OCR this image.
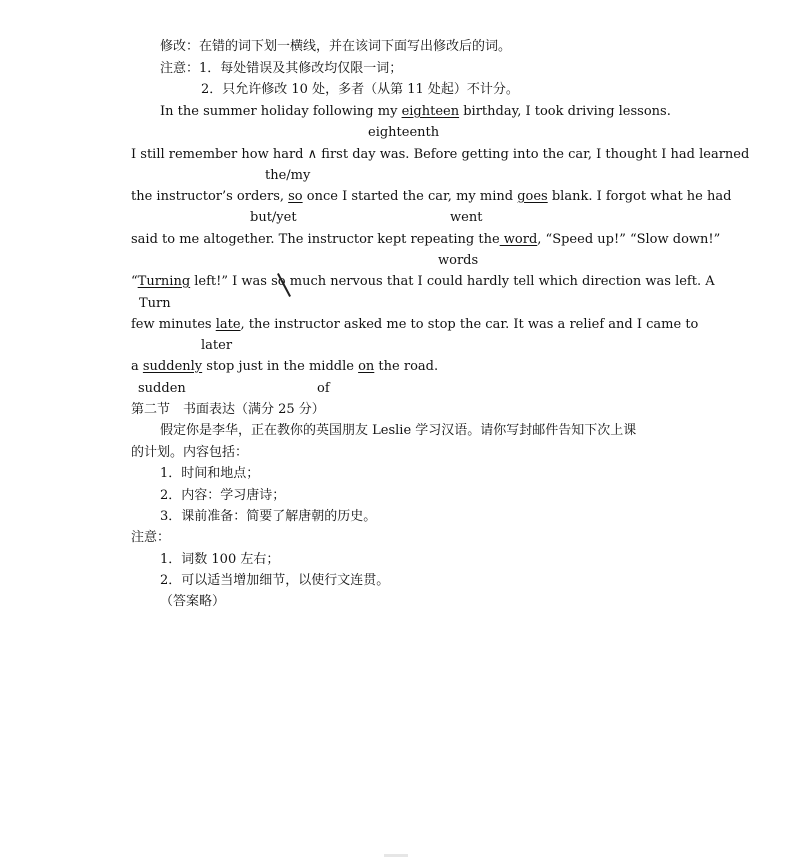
修改：在错的词下划一横线，并在该词下面写出修改后的词。
注意：1．每处错误及其修改均仅限一词；
2．只允许修改 10 处，多者（从第 11 处起）不计分。
In the summer holiday following my eighteen birthday, I took driving lessons.
eighteenth
I still remember how hard ∧ first day was. Before getting into the car, I thought I had learned
the/my
the instructor’s orders, so once I started the car, my mind goes blank. I forgot what he had
but/yet	went
said to me altogether. The instructor kept repeating the word, “Speed up!” “Slow down!”
words
“Turning left!” I was so much nervous that I could hardly tell which direction was left. A
Turn
few minutes late, the instructor asked me to stop the car. It was a relief and I came to
later
a suddenly stop just in the middle on the road.
sudden	of
第二节　书面表达（满分 25 分）
假定你是李华，正在教你的英国朋友 Leslie 学习汉语。请你写封邮件告知下次上课
的计划。内容包括：
1．时间和地点；
2．内容：学习唐诗；
3．课前准备：简要了解唐朝的历史。
注意：
1．词数 100 左右；
2．可以适当增加细节，以使行文连贯。
（答案略）
